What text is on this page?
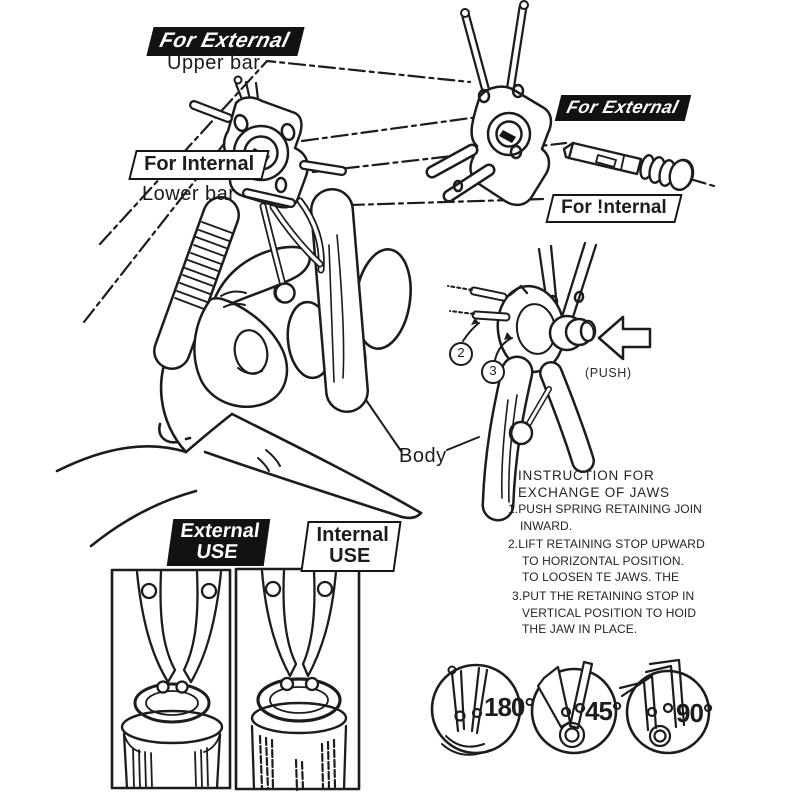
For External
Upper bar
For Internal
Lower bar
For External
For !nternal
Body
2
3	(PUSH)
INSTRUCTION FOR
EXCHANGE OF JAWS
1.PUSH SPRING RETAINING JOIN
INWARD.
2.LIFT RETAINING STOP UPWARD
TO HORIZONTAL POSITION.
TO LOOSEN TE JAWS. THE
3.PUT THE RETAINING STOP IN
VERTICAL POSITION TO HOID
THE JAW IN PLACE.
External
USE
Internal
USE
180° 45° 90°
